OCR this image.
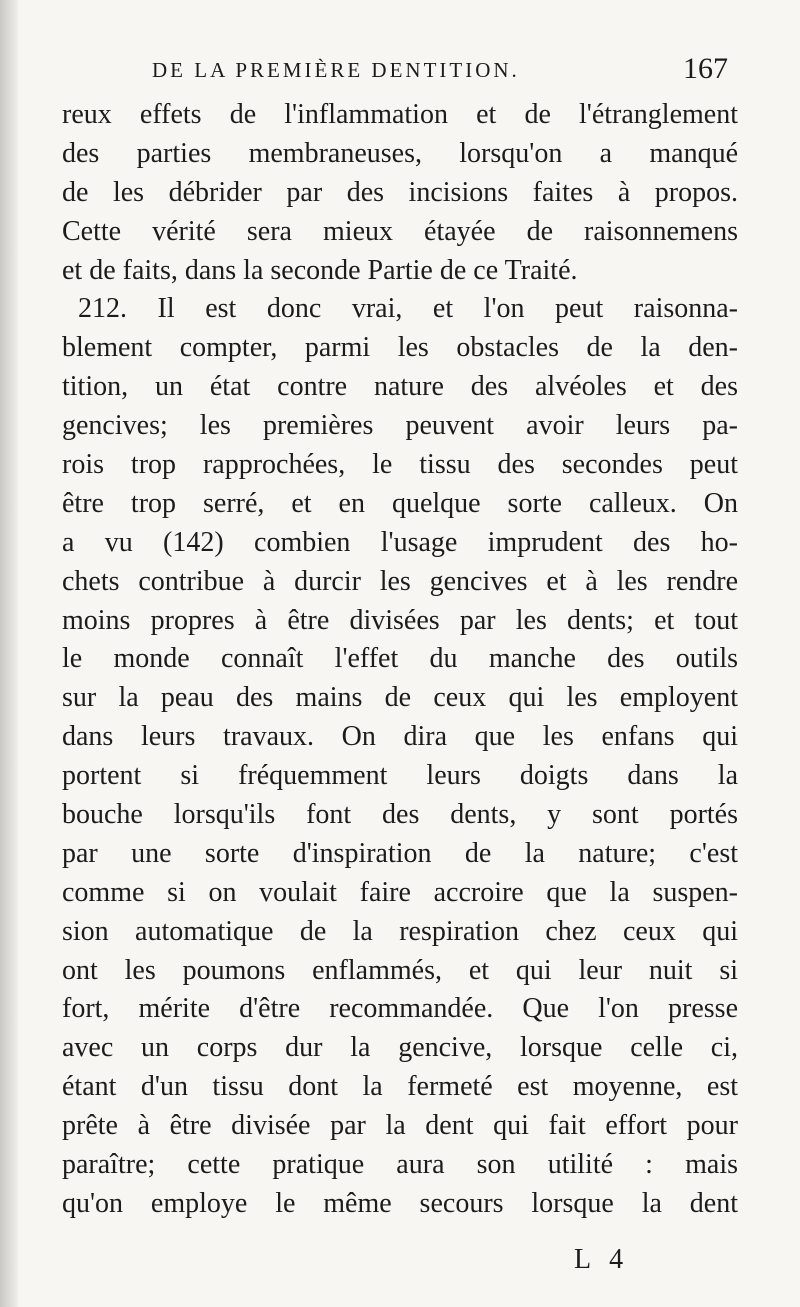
DE LA PREMIÈRE DENTITION.	167
reux effets de l'inflammation et de l'étranglement
des parties membraneuses, lorsqu'on a manqué
de les débrider par des incisions faites à propos.
Cette vérité sera mieux étayée de raisonnemens
et de faits, dans la seconde Partie de ce Traité.
212. Il est donc vrai, et l'on peut raisonna-
blement compter, parmi les obstacles de la den-
tition, un état contre nature des alvéoles et des
gencives; les premières peuvent avoir leurs pa-
rois trop rapprochées, le tissu des secondes peut
être trop serré, et en quelque sorte calleux. On
a vu (142) combien l'usage imprudent des ho-
chets contribue à durcir les gencives et à les rendre
moins propres à être divisées par les dents; et tout
le monde connaît l'effet du manche des outils
sur la peau des mains de ceux qui les employent
dans leurs travaux. On dira que les enfans qui
portent si fréquemment leurs doigts dans la
bouche lorsqu'ils font des dents, y sont portés
par une sorte d'inspiration de la nature; c'est
comme si on voulait faire accroire que la suspen-
sion automatique de la respiration chez ceux qui
ont les poumons enflammés, et qui leur nuit si
fort, mérite d'être recommandée. Que l'on presse
avec un corps dur la gencive, lorsque celle ci,
étant d'un tissu dont la fermeté est moyenne, est
prête à être divisée par la dent qui fait effort pour
paraître; cette pratique aura son utilité : mais
qu'on employe le même secours lorsque la dent
L 4
